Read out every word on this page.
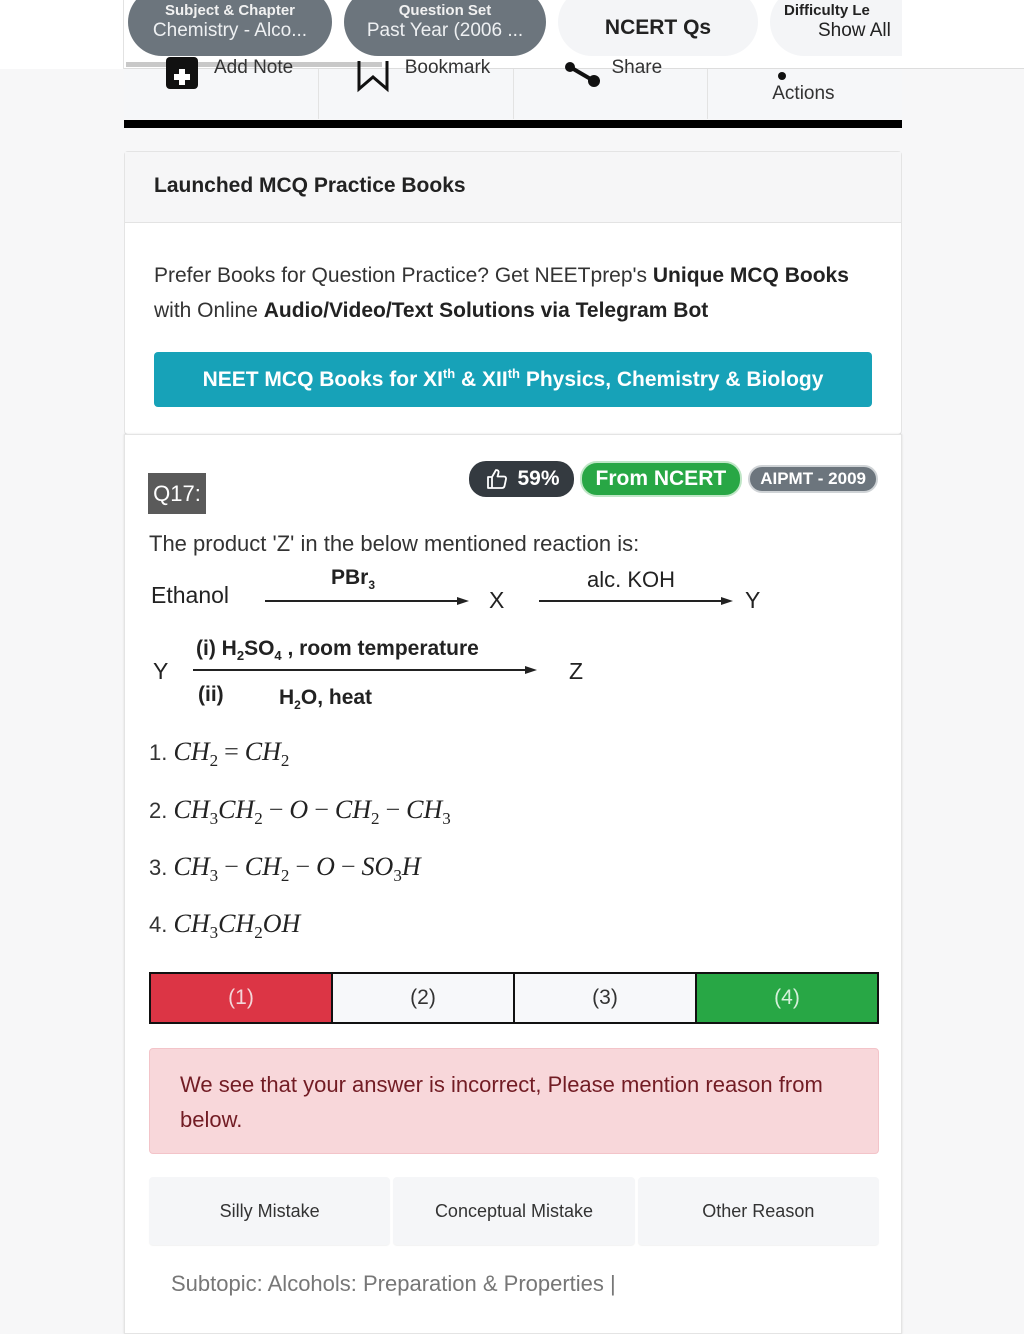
Subject & Chapter
Chemistry - Alco...
Question Set
Past Year (2006 ...	NCERT Qs
Difficulty Le
Show All
Add Note	Bookmark	Share
Actions
Launched MCQ Practice Books

Prefer Books for Question Practice? Get NEETprep's Unique MCQ Books with Online Audio/Video/Text Solutions via Telegram Bot

NEET MCQ Books for XIth & XIIth Physics, Chemistry & Biology
Q17:
59%	From NCERT	AIPMT - 2009
The product 'Z' in the below mentioned reaction is:
Ethanol
PBr$_3$
X
alc. KOH
Y
Y
(i) $H_2SO_4$ , room temperature
(ii)	$H_2O$, heat
Z
1. $CH_2 = CH_2$
2. $CH_3CH_2 - O - CH_2 - CH_3$
3. $CH_3 - CH_2 - O - SO_3H$
4. $CH_3CH_2OH$
(1)	(2)	(3)	(4)
We see that your answer is incorrect, Please mention reason from below.
Silly Mistake	Conceptual Mistake	Other Reason
Subtopic: Alcohols: Preparation & Properties |
